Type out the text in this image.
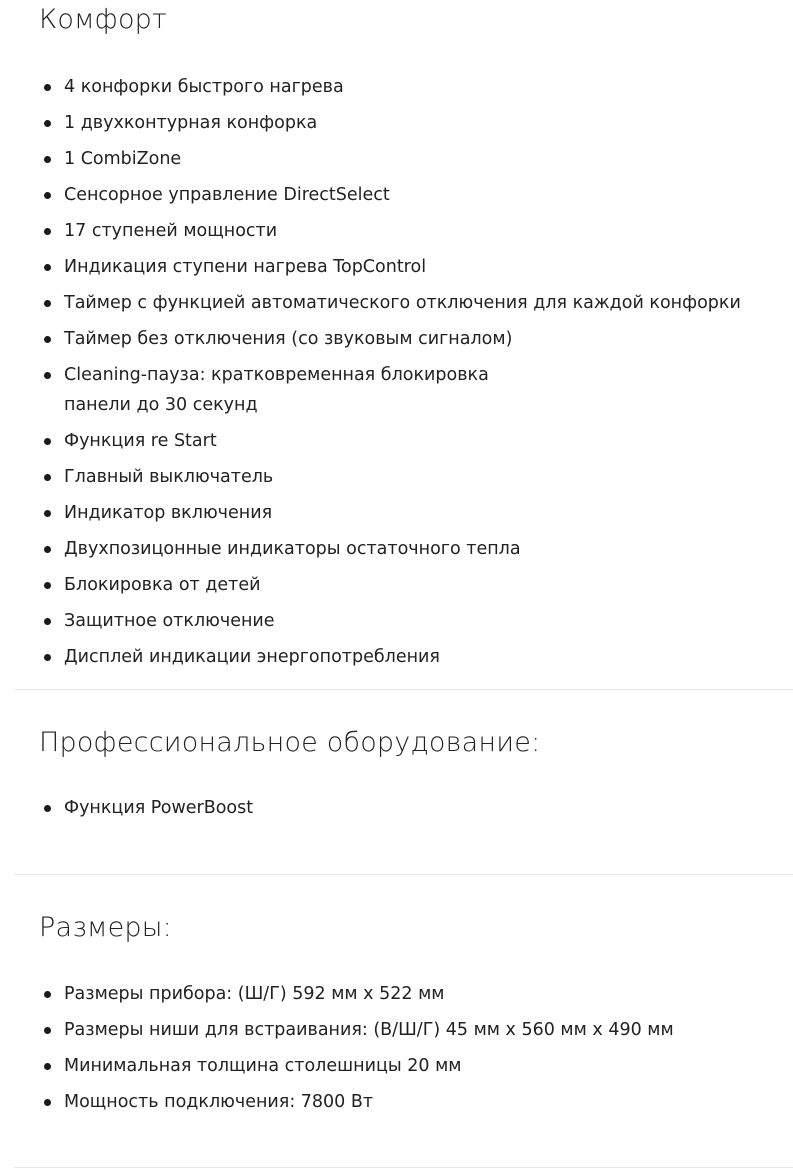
Комфорт
4 конфорки быстрого нагрева
1 двухконтурная конфорка
1 CombiZone
Сенсорное управление DirectSelect
17 ступеней мощности
Индикация ступени нагрева TopControl
Таймер с функцией автоматического отключения для каждой конфорки
Таймер без отключения (со звуковым сигналом)
Cleaning-пауза: кратковременная блокировка панели до 30 секунд
Функция re Start
Главный выключатель
Индикатор включения
Двухпозицонные индикаторы остаточного тепла
Блокировка от детей
Защитное отключение
Дисплей индикации энергопотребления
Профессиональное оборудование:
Функция PowerBoost
Размеры:
Размеры прибора: (Ш/Г) 592 мм x 522 мм
Размеры ниши для встраивания: (В/Ш/Г) 45 мм x 560 мм x 490 мм
Минимальная толщина столешницы 20 мм
Мощность подключения: 7800 Вт
